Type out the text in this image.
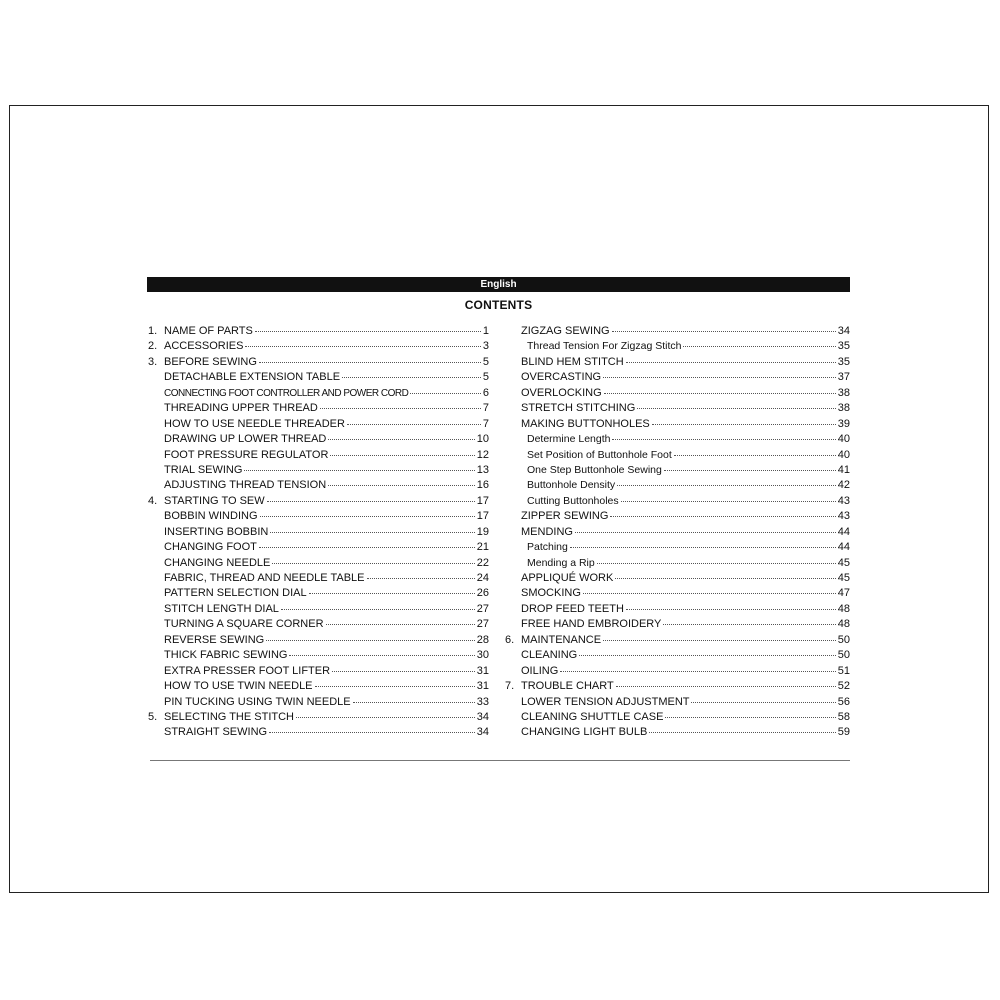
English
CONTENTS
1. NAME OF PARTS	1
2. ACCESSORIES	3
3. BEFORE SEWING	5
DETACHABLE EXTENSION TABLE	5
CONNECTING FOOT CONTROLLER AND POWER CORD	6
THREADING UPPER THREAD	7
HOW TO USE NEEDLE THREADER	7
DRAWING UP LOWER THREAD	10
FOOT PRESSURE REGULATOR	12
TRIAL SEWING	13
ADJUSTING THREAD TENSION	16
4. STARTING TO SEW	17
BOBBIN WINDING	17
INSERTING BOBBIN	19
CHANGING FOOT	21
CHANGING NEEDLE	22
FABRIC, THREAD AND NEEDLE TABLE	24
PATTERN SELECTION DIAL	26
STITCH LENGTH DIAL	27
TURNING A SQUARE CORNER	27
REVERSE SEWING	28
THICK FABRIC SEWING	30
EXTRA PRESSER FOOT LIFTER	31
HOW TO USE TWIN NEEDLE	31
PIN TUCKING USING TWIN NEEDLE	33
5. SELECTING THE STITCH	34
STRAIGHT SEWING	34
ZIGZAG SEWING	34
Thread Tension For Zigzag Stitch	35
BLIND HEM STITCH	35
OVERCASTING	37
OVERLOCKING	38
STRETCH STITCHING	38
MAKING BUTTONHOLES	39
Determine Length	40
Set Position of Buttonhole Foot	40
One Step Buttonhole Sewing	41
Buttonhole Density	42
Cutting Buttonholes	43
ZIPPER SEWING	43
MENDING	44
Patching	44
Mending a Rip	45
APPLIQUÉ WORK	45
SMOCKING	47
DROP FEED TEETH	48
FREE HAND EMBROIDERY	48
6. MAINTENANCE	50
CLEANING	50
OILING	51
7. TROUBLE CHART	52
LOWER TENSION ADJUSTMENT	56
CLEANING SHUTTLE CASE	58
CHANGING LIGHT BULB	59
